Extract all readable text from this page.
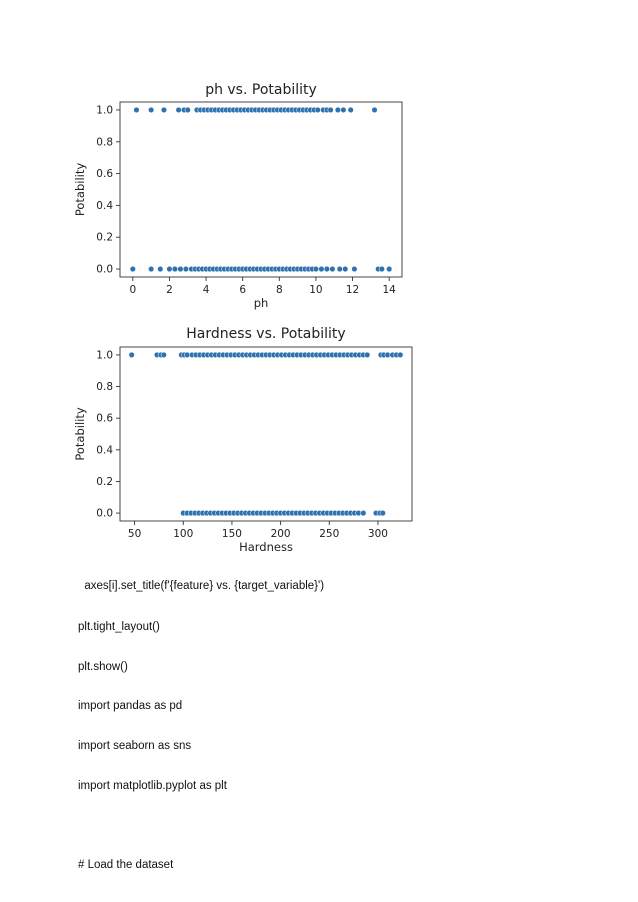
ph vs. Potability
0	2	4	6	8	10 12 14
0.0
0.2
0.4
0.6
0.8
1.0
ph
Potability
Hardness vs. Potability
50	100	150	200	250	300
0.0
0.2
0.4
0.6
0.8
1.0
Hardness
Potability
axes[i].set_title(f'{feature} vs. {target_variable}')
plt.tight_layout()
plt.show()
import pandas as pd
import seaborn as sns
import matplotlib.pyplot as plt
# Load the dataset
